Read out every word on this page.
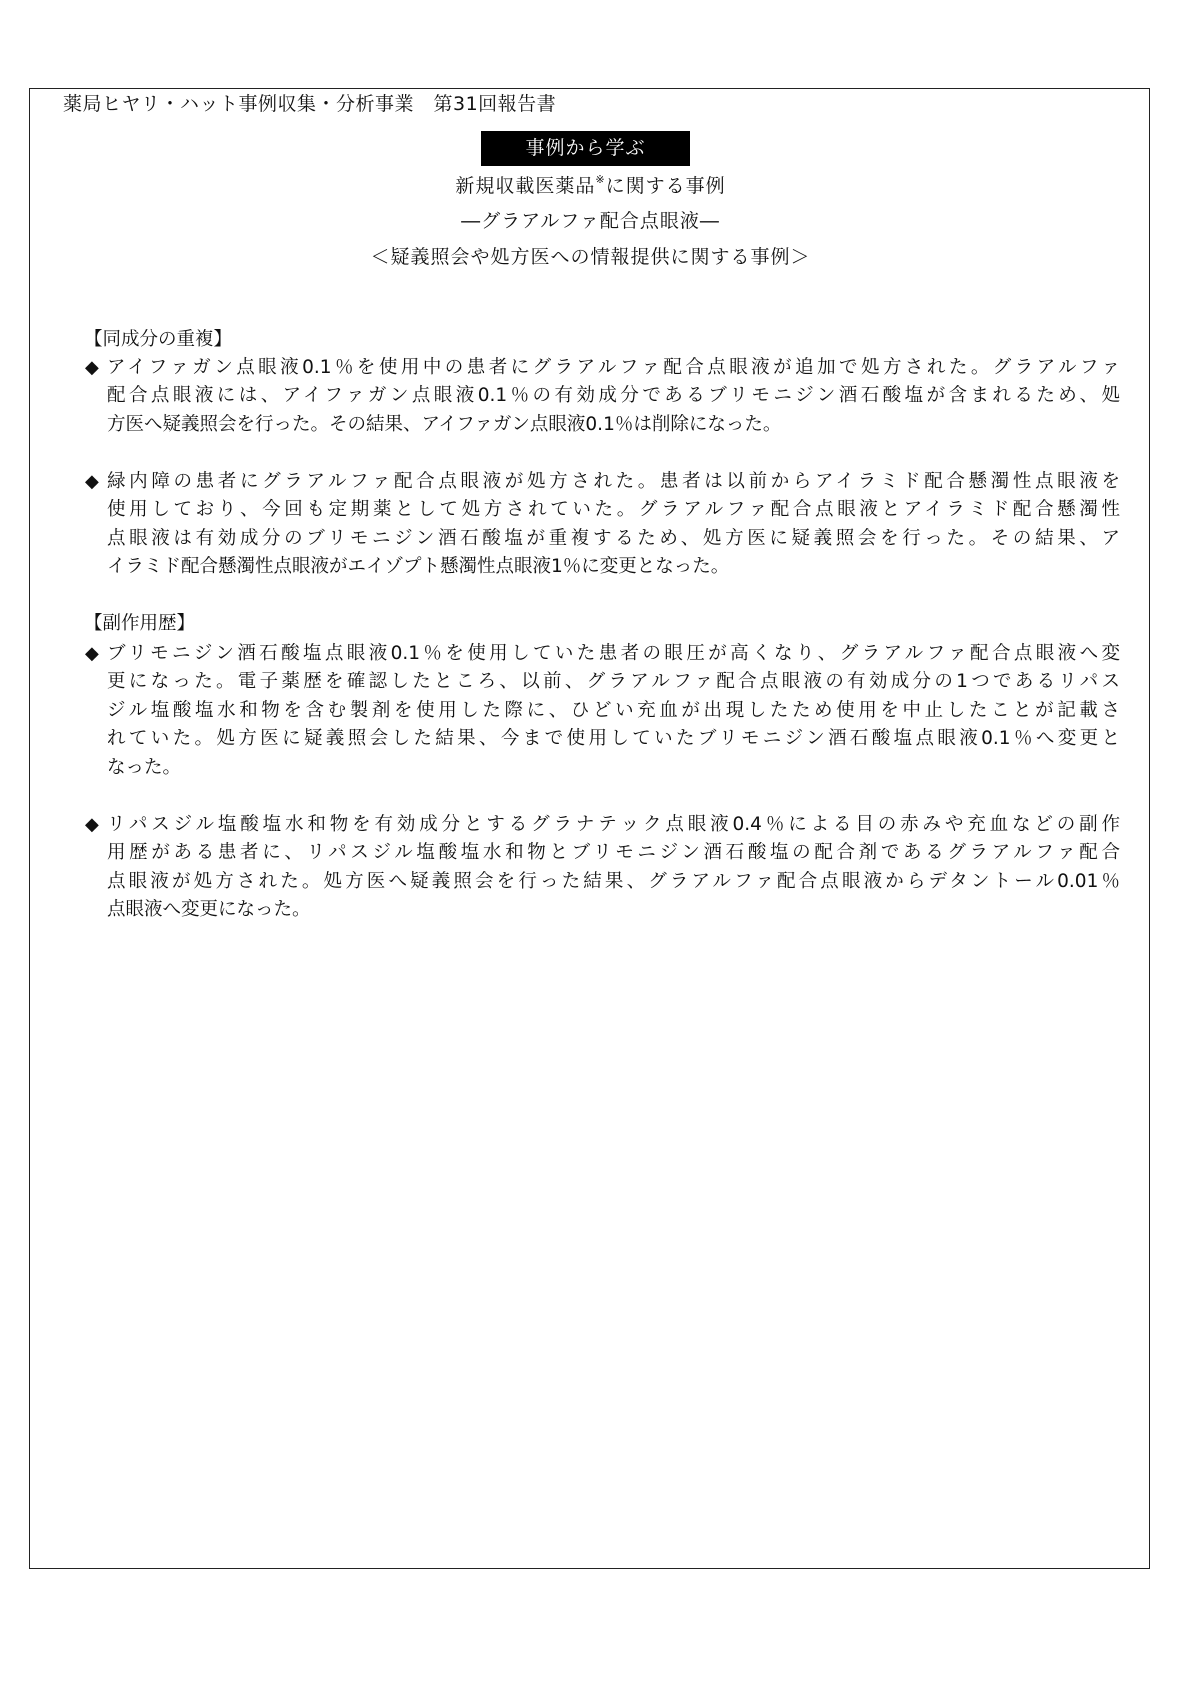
薬局ヒヤリ・ハット事例収集・分析事業　第31回報告書
事例から学ぶ
新規収載医薬品※に関する事例
―グラアルファ配合点眼液―
＜疑義照会や処方医への情報提供に関する事例＞
【同成分の重複】
◆ アイファガン点眼液0.1％を使用中の患者にグラアルファ配合点眼液が追加で処方された。グラアルファ
配合点眼液には、アイファガン点眼液0.1％の有効成分であるブリモニジン酒石酸塩が含まれるため、処
方医へ疑義照会を行った。その結果、アイファガン点眼液0.1％は削除になった。
◆ 緑内障の患者にグラアルファ配合点眼液が処方された。患者は以前からアイラミド配合懸濁性点眼液を
使用しており、今回も定期薬として処方されていた。グラアルファ配合点眼液とアイラミド配合懸濁性
点眼液は有効成分のブリモニジン酒石酸塩が重複するため、処方医に疑義照会を行った。その結果、ア
イラミド配合懸濁性点眼液がエイゾプト懸濁性点眼液1％に変更となった。
【副作用歴】
◆ ブリモニジン酒石酸塩点眼液0.1％を使用していた患者の眼圧が高くなり、グラアルファ配合点眼液へ変
更になった。電子薬歴を確認したところ、以前、グラアルファ配合点眼液の有効成分の1つであるリパス
ジル塩酸塩水和物を含む製剤を使用した際に、ひどい充血が出現したため使用を中止したことが記載さ
れていた。処方医に疑義照会した結果、今まで使用していたブリモニジン酒石酸塩点眼液0.1％へ変更と
なった。
◆ リパスジル塩酸塩水和物を有効成分とするグラナテック点眼液0.4％による目の赤みや充血などの副作
用歴がある患者に、リパスジル塩酸塩水和物とブリモニジン酒石酸塩の配合剤であるグラアルファ配合
点眼液が処方された。処方医へ疑義照会を行った結果、グラアルファ配合点眼液からデタントール0.01％
点眼液へ変更になった。
